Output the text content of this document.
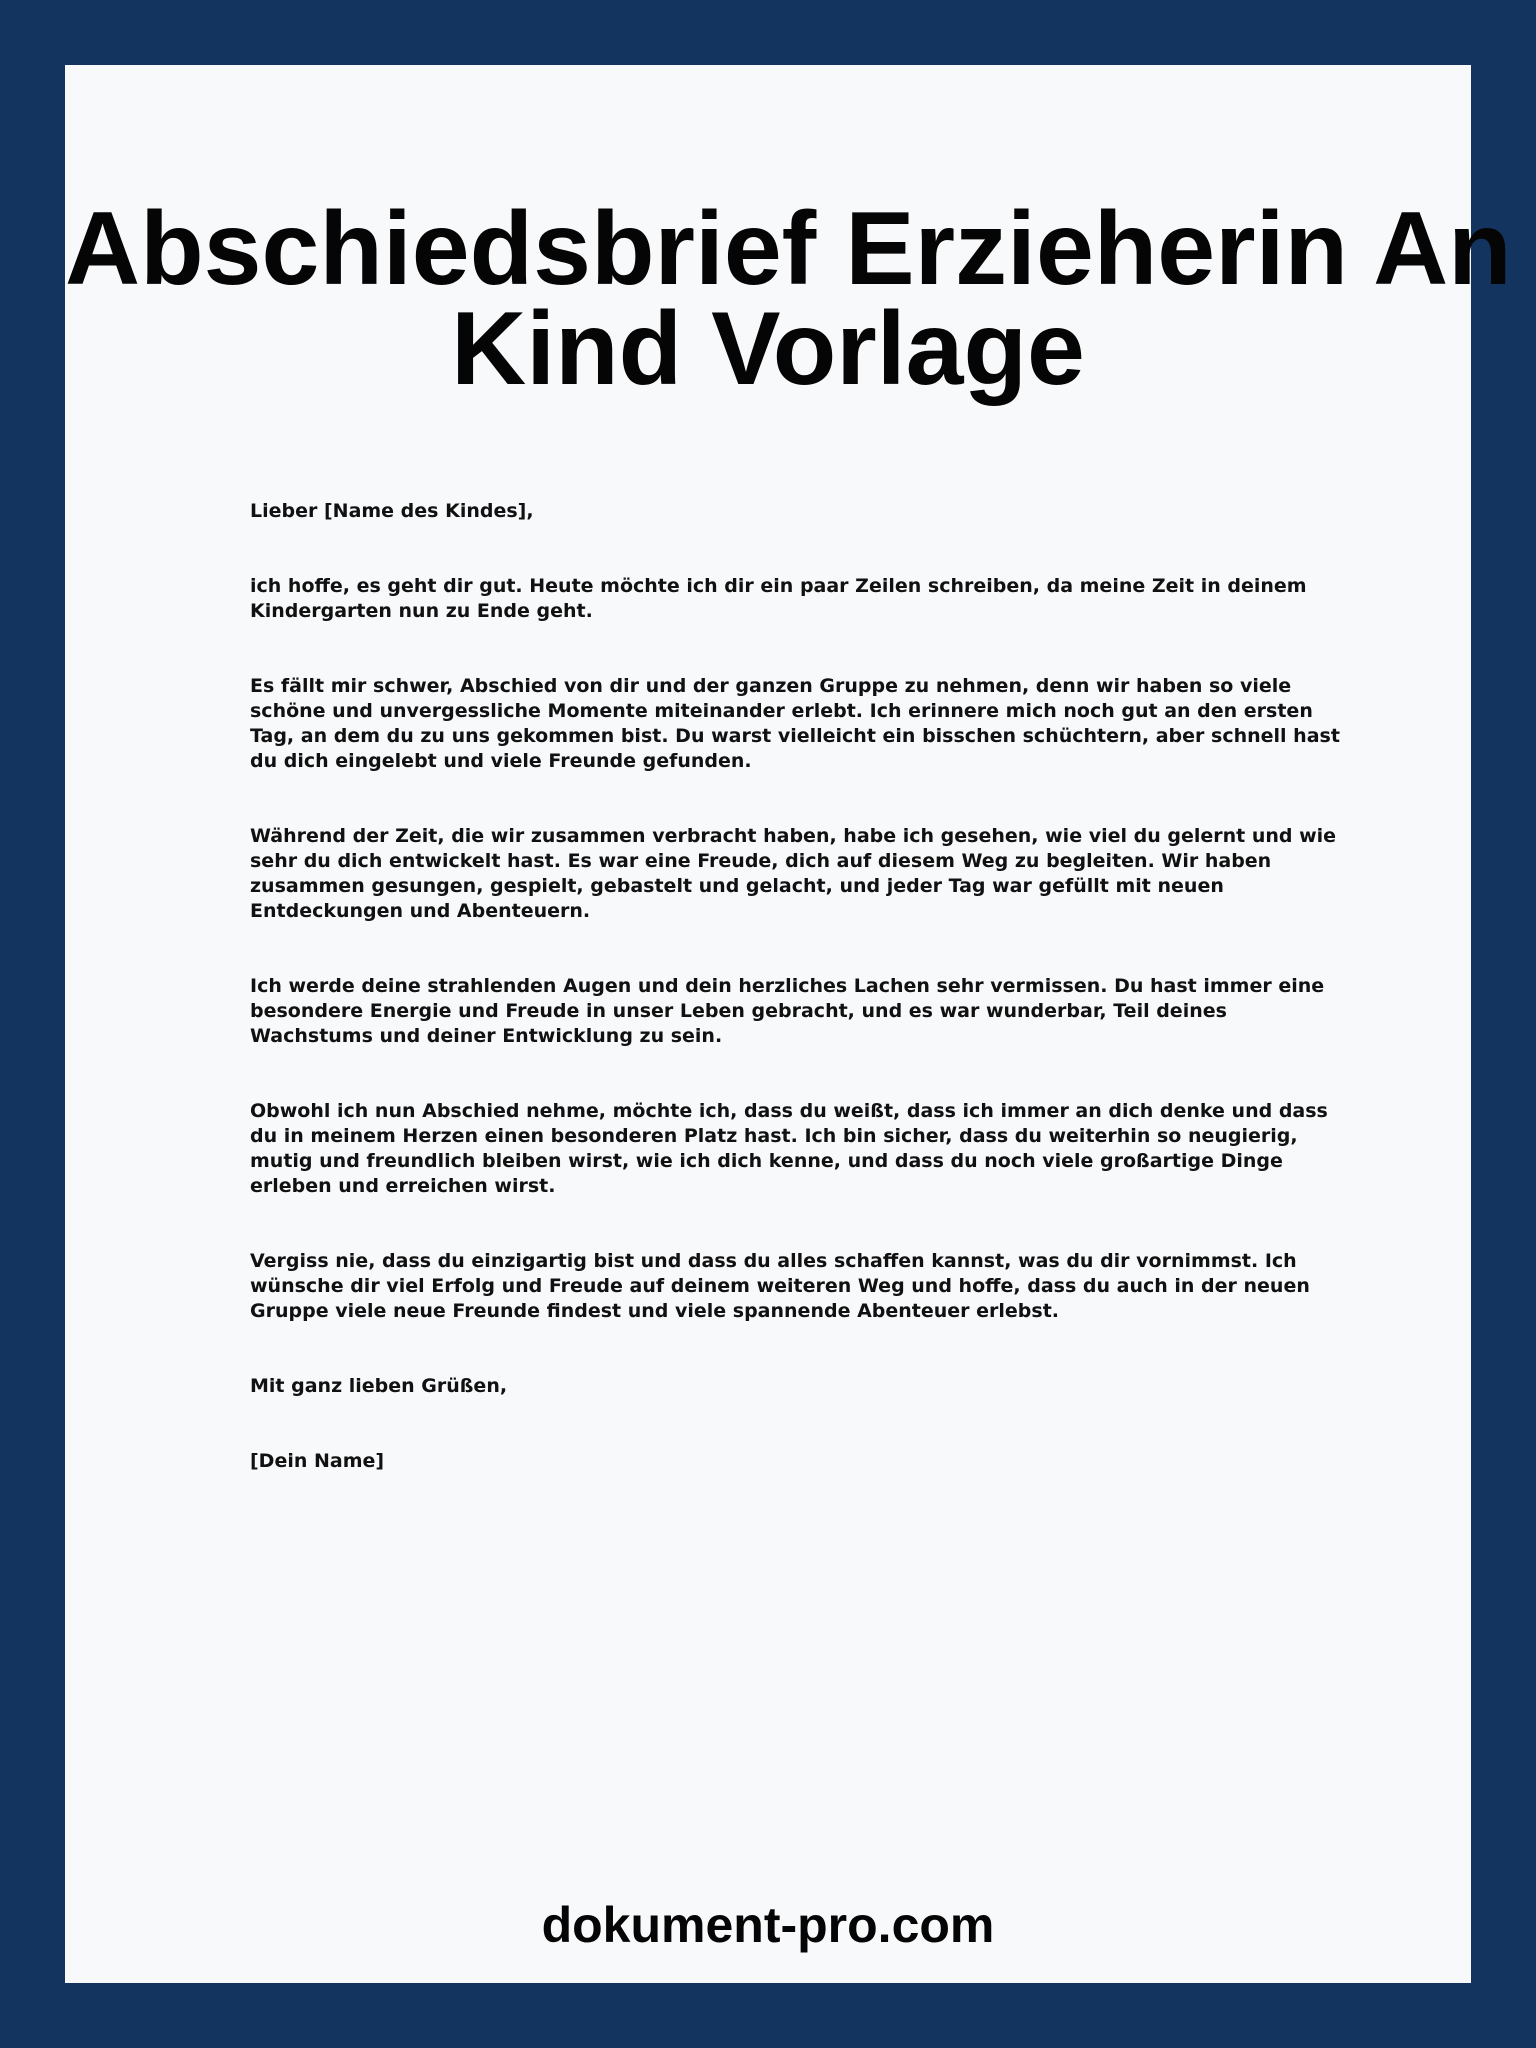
Abschiedsbrief Erzieherin An
Kind Vorlage

Lieber [Name des Kindes],

ich hoffe, es geht dir gut. Heute möchte ich dir ein paar Zeilen schreiben, da meine Zeit in deinem Kindergarten nun zu Ende geht.

Es fällt mir schwer, Abschied von dir und der ganzen Gruppe zu nehmen, denn wir haben so viele schöne und unvergessliche Momente miteinander erlebt. Ich erinnere mich noch gut an den ersten Tag, an dem du zu uns gekommen bist. Du warst vielleicht ein bisschen schüchtern, aber schnell hast du dich eingelebt und viele Freunde gefunden.

Während der Zeit, die wir zusammen verbracht haben, habe ich gesehen, wie viel du gelernt und wie sehr du dich entwickelt hast. Es war eine Freude, dich auf diesem Weg zu begleiten. Wir haben zusammen gesungen, gespielt, gebastelt und gelacht, und jeder Tag war gefüllt mit neuen Entdeckungen und Abenteuern.

Ich werde deine strahlenden Augen und dein herzliches Lachen sehr vermissen. Du hast immer eine besondere Energie und Freude in unser Leben gebracht, und es war wunderbar, Teil deines Wachstums und deiner Entwicklung zu sein.

Obwohl ich nun Abschied nehme, möchte ich, dass du weißt, dass ich immer an dich denke und dass du in meinem Herzen einen besonderen Platz hast. Ich bin sicher, dass du weiterhin so neugierig, mutig und freundlich bleiben wirst, wie ich dich kenne, und dass du noch viele großartige Dinge erleben und erreichen wirst.

Vergiss nie, dass du einzigartig bist und dass du alles schaffen kannst, was du dir vornimmst. Ich wünsche dir viel Erfolg und Freude auf deinem weiteren Weg und hoffe, dass du auch in der neuen Gruppe viele neue Freunde findest und viele spannende Abenteuer erlebst.

Mit ganz lieben Grüßen,

[Dein Name]

dokument-pro.com
